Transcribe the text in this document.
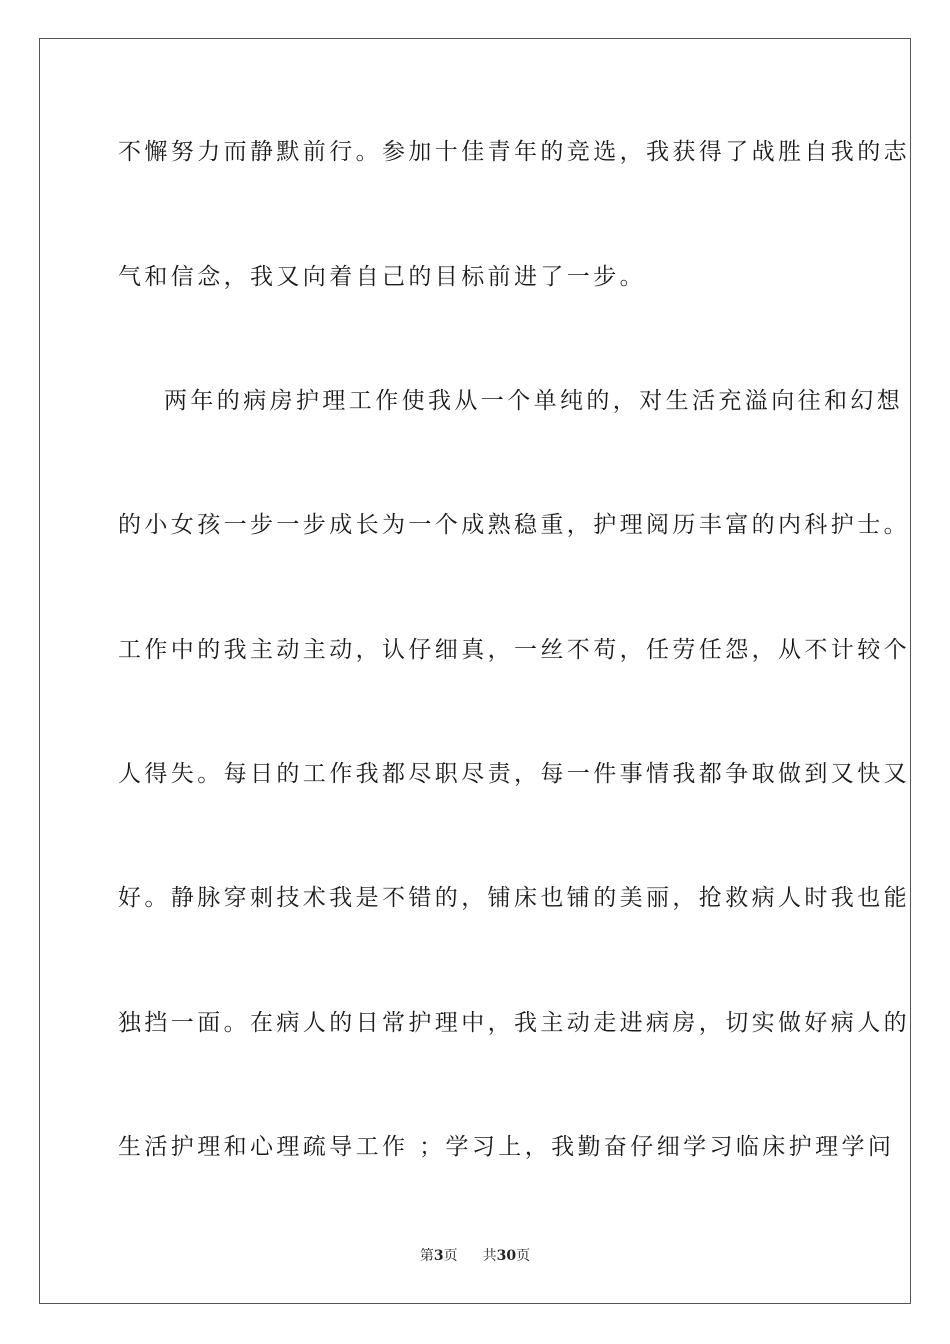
不懈努力而静默前行。参加十佳青年的竞选，我获得了战胜自我的志
气和信念，我又向着自己的目标前进了一步。
两年的病房护理工作使我从一个单纯的，对生活充溢向往和幻想
的小女孩一步一步成长为一个成熟稳重，护理阅历丰富的内科护士。
工作中的我主动主动，认仔细真，一丝不苟，任劳任怨，从不计较个
人得失。每日的工作我都尽职尽责，每一件事情我都争取做到又快又
好。静脉穿刺技术我是不错的，铺床也铺的美丽，抢救病人时我也能
独挡一面。在病人的日常护理中，我主动走进病房，切实做好病人的
生活护理和心理疏导工作 ；学习上，我勤奋仔细学习临床护理学问
第3页 共30页
